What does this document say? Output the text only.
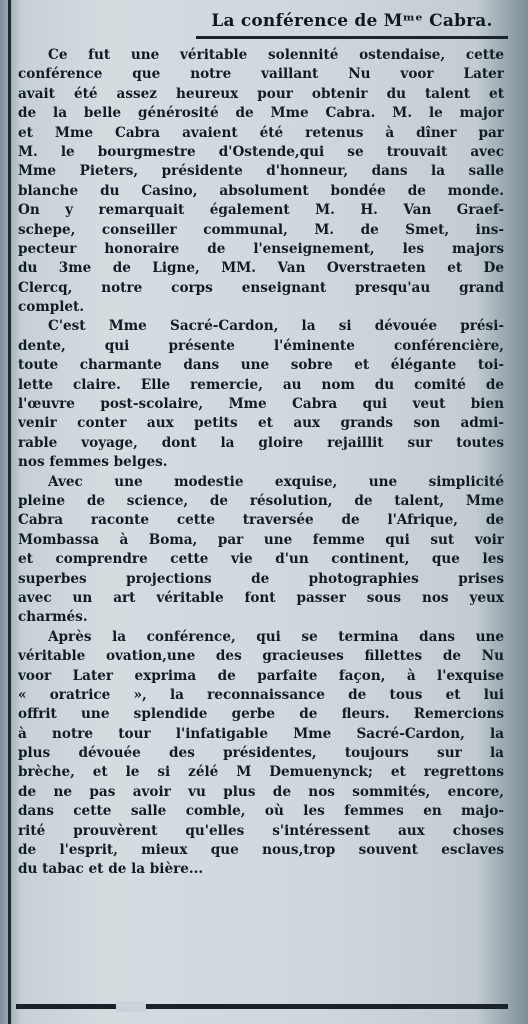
La conférence de Mᵐᵉ Cabra.
Ce fut une véritable solennité ostendaise, cette
conférence que notre vaillant Nu voor Later
avait été assez heureux pour obtenir du talent et
de la belle générosité de Mme Cabra. M. le major
et Mme Cabra avaient été retenus à dîner par
M. le bourgmestre d'Ostende,qui se trouvait avec
Mme Pieters, présidente d'honneur, dans la salle
blanche du Casino, absolument bondée de monde.
On y remarquait également M. H. Van Graef-
schepe, conseiller communal, M. de Smet, ins-
pecteur honoraire de l'enseignement, les majors
du 3me de Ligne, MM. Van Overstraeten et De
Clercq, notre corps enseignant presqu'au grand
complet.
C'est Mme Sacré-Cardon, la si dévouée prési-
dente, qui présente l'éminente conférencière,
toute charmante dans une sobre et élégante toi-
lette claire. Elle remercie, au nom du comité de
l'œuvre post-scolaire, Mme Cabra qui veut bien
venir conter aux petits et aux grands son admi-
rable voyage, dont la gloire rejaillit sur toutes
nos femmes belges.
Avec une modestie exquise, une simplicité
pleine de science, de résolution, de talent, Mme
Cabra raconte cette traversée de l'Afrique, de
Mombassa à Boma, par une femme qui sut voir
et comprendre cette vie d'un continent, que les
superbes projections de photographies prises
avec un art véritable font passer sous nos yeux
charmés.
Après la conférence, qui se termina dans une
véritable ovation,une des gracieuses fillettes de Nu
voor Later exprima de parfaite façon, à l'exquise
« oratrice », la reconnaissance de tous et lui
offrit une splendide gerbe de fleurs. Remercions
à notre tour l'infatigable Mme Sacré-Cardon, la
plus dévouée des présidentes, toujours sur la
brèche, et le si zélé M Demuenynck; et regrettons
de ne pas avoir vu plus de nos sommités, encore,
dans cette salle comble, où les femmes en majo-
rité prouvèrent qu'elles s'intéressent aux choses
de l'esprit, mieux que nous,trop souvent esclaves
du tabac et de la bière...
